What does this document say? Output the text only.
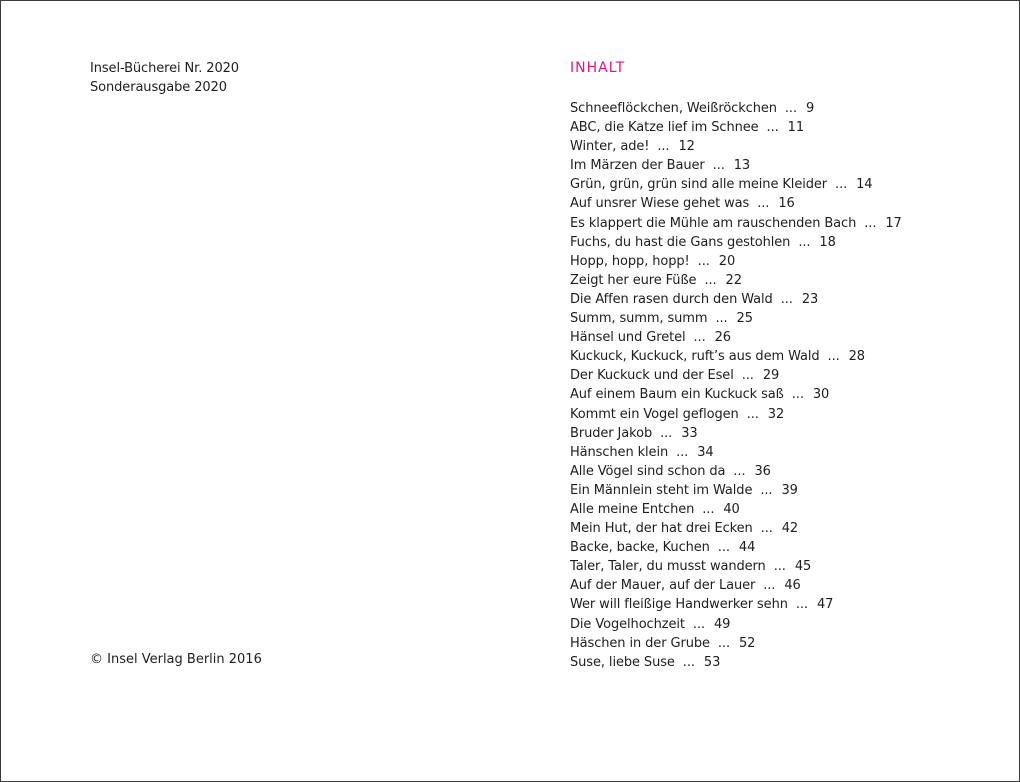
Insel-Bücherei Nr. 2020
Sonderausgabe 2020
© Insel Verlag Berlin 2016
INHALT
Schneeflöckchen, Weißröckchen ... 9
ABC, die Katze lief im Schnee ... 11
Winter, ade! ... 12
Im Märzen der Bauer ... 13
Grün, grün, grün sind alle meine Kleider ... 14
Auf unsrer Wiese gehet was ... 16
Es klappert die Mühle am rauschenden Bach ... 17
Fuchs, du hast die Gans gestohlen ... 18
Hopp, hopp, hopp! ... 20
Zeigt her eure Füße ... 22
Die Affen rasen durch den Wald ... 23
Summ, summ, summ ... 25
Hänsel und Gretel ... 26
Kuckuck, Kuckuck, ruft’s aus dem Wald ... 28
Der Kuckuck und der Esel ... 29
Auf einem Baum ein Kuckuck saß ... 30
Kommt ein Vogel geflogen ... 32
Bruder Jakob ... 33
Hänschen klein ... 34
Alle Vögel sind schon da ... 36
Ein Männlein steht im Walde ... 39
Alle meine Entchen ... 40
Mein Hut, der hat drei Ecken ... 42
Backe, backe, Kuchen ... 44
Taler, Taler, du musst wandern ... 45
Auf der Mauer, auf der Lauer ... 46
Wer will fleißige Handwerker sehn ... 47
Die Vogelhochzeit ... 49
Häschen in der Grube ... 52
Suse, liebe Suse ... 53
